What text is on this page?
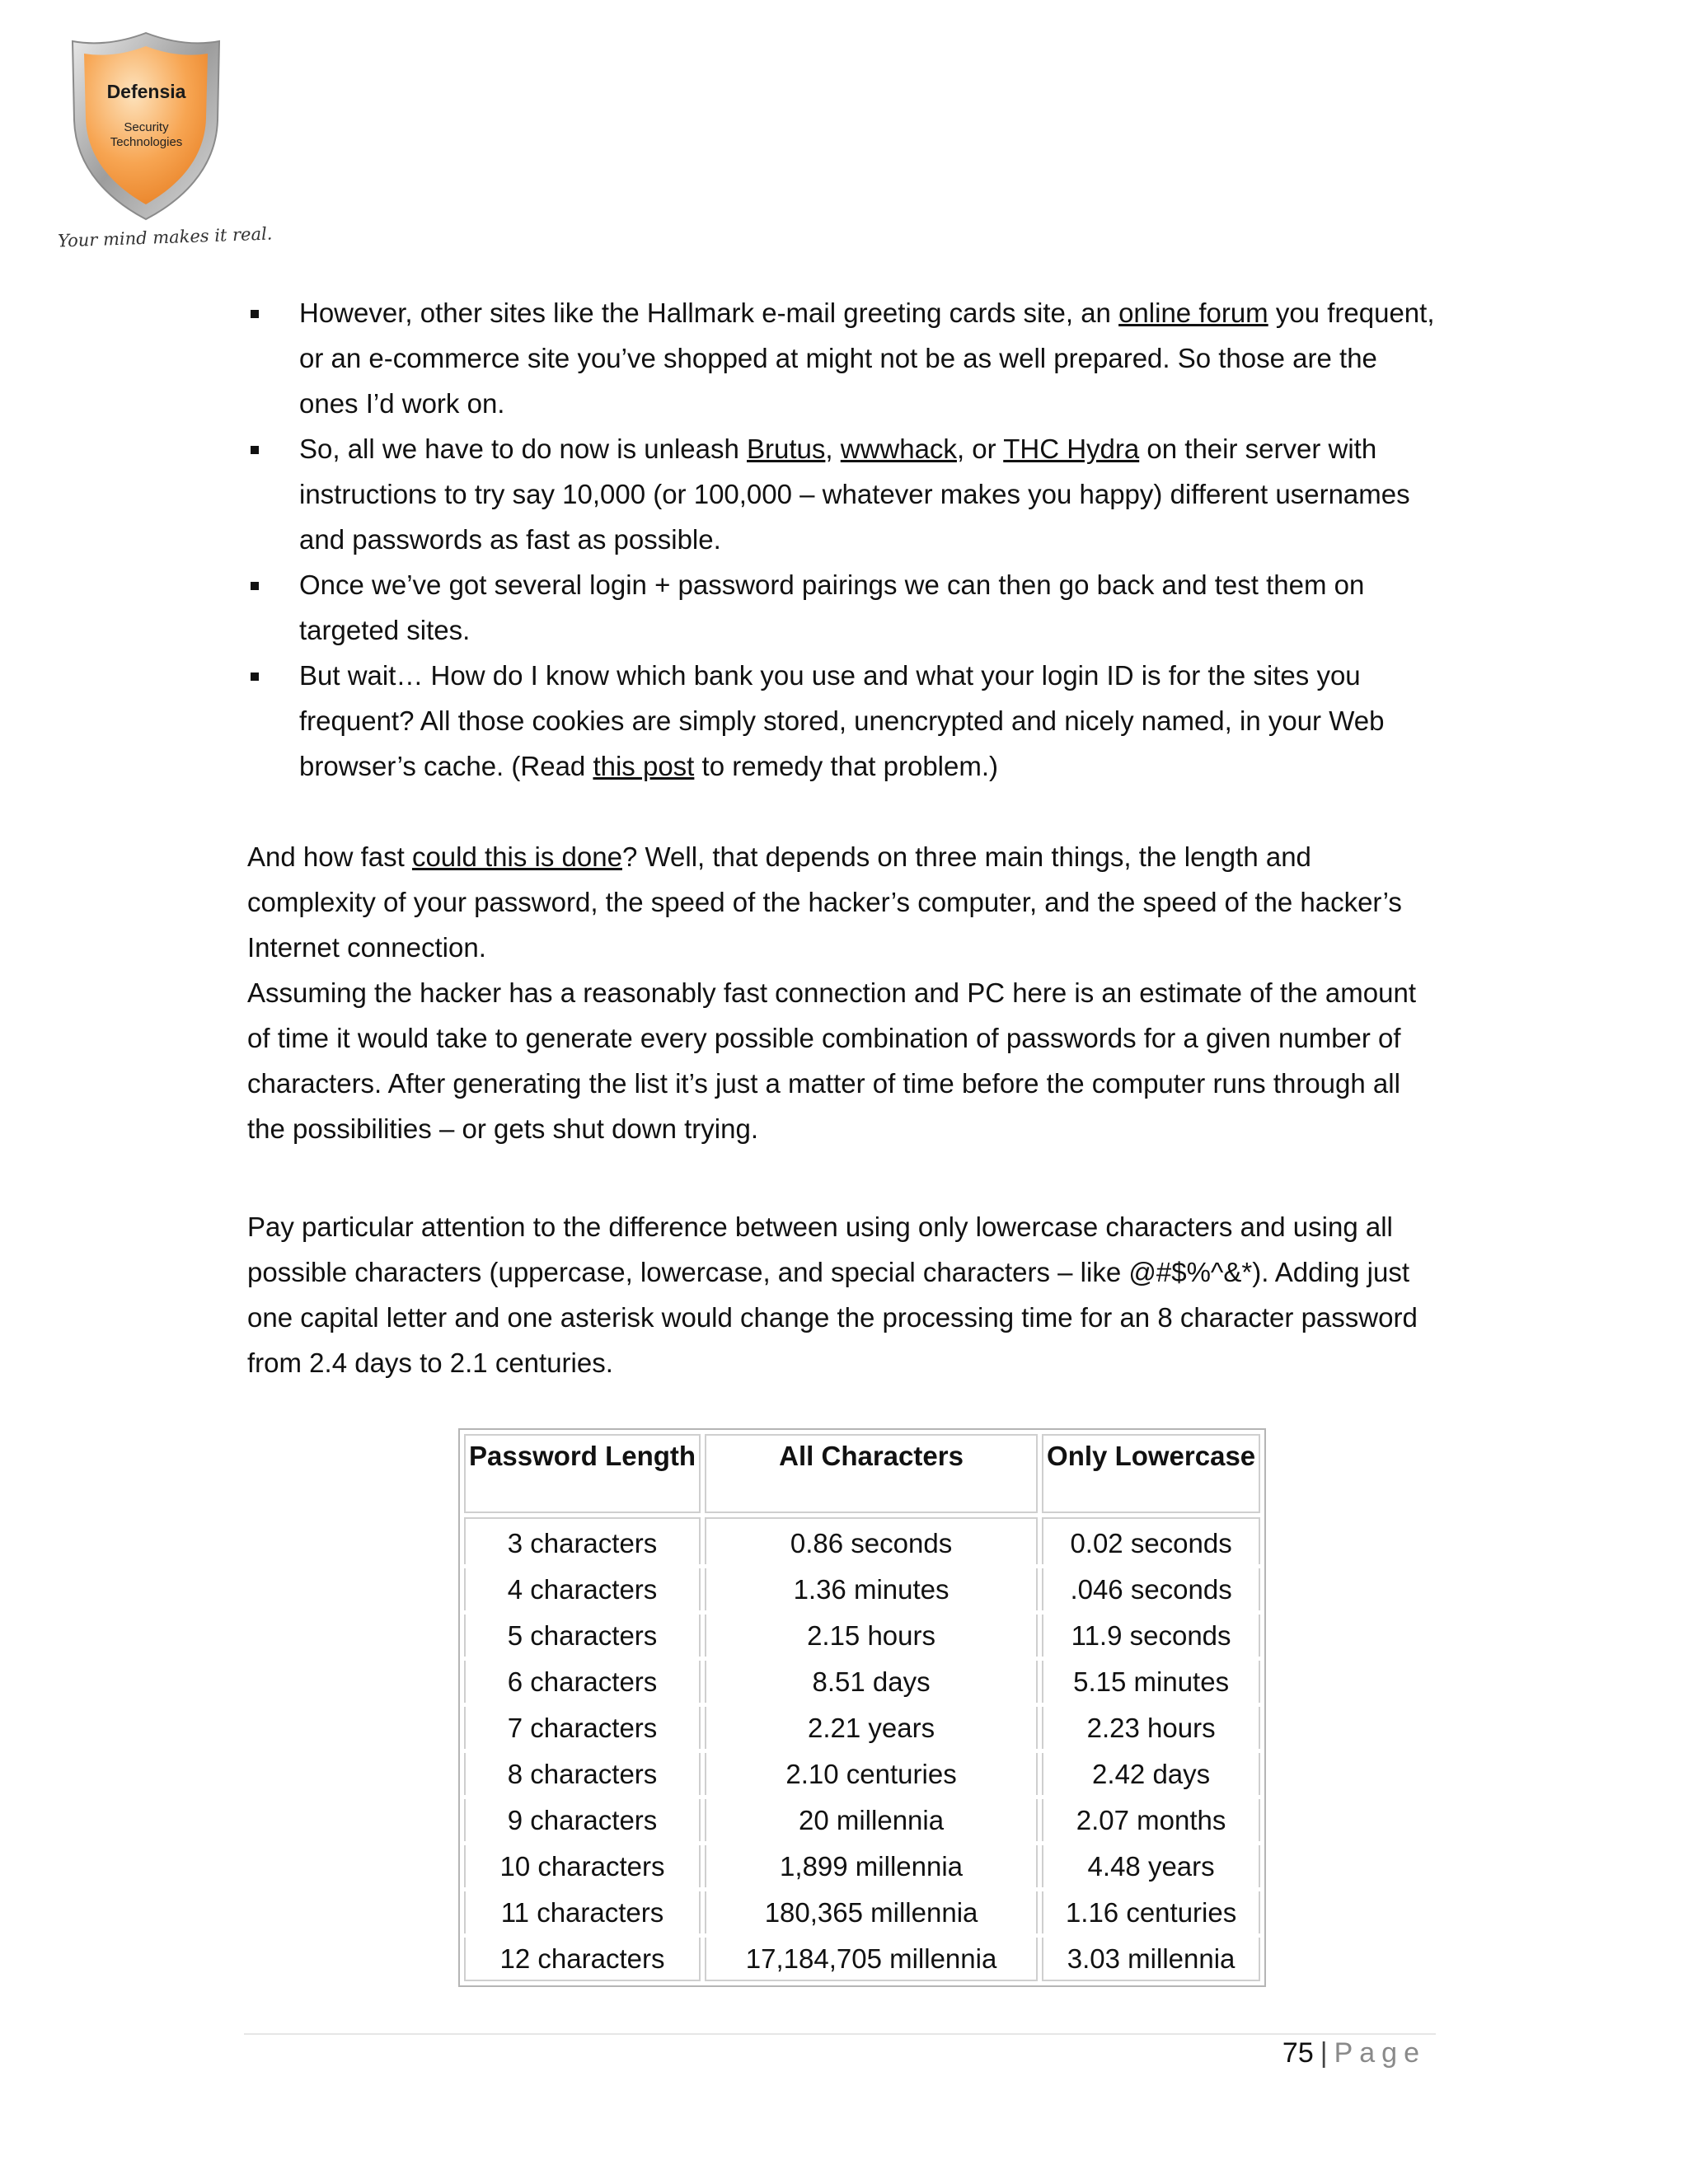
Defensia
Security
Technologies
Your mind makes it real.
However, other sites like the Hallmark e-mail greeting cards site, an online forum you frequent, or an e-commerce site you’ve shopped at might not be as well prepared. So those are the ones I’d work on.
So, all we have to do now is unleash Brutus, wwwhack, or THC Hydra on their server with instructions to try say 10,000 (or 100,000 – whatever makes you happy) different usernames and passwords as fast as possible.
Once we’ve got several login + password pairings we can then go back and test them on targeted sites.
But wait… How do I know which bank you use and what your login ID is for the sites you frequent? All those cookies are simply stored, unencrypted and nicely named, in your Web browser’s cache. (Read this post to remedy that problem.)

And how fast could this is done? Well, that depends on three main things, the length and complexity of your password, the speed of the hacker’s computer, and the speed of the hacker’s Internet connection.

Assuming the hacker has a reasonably fast connection and PC here is an estimate of the amount of time it would take to generate every possible combination of passwords for a given number of characters. After generating the list it’s just a matter of time before the computer runs through all the possibilities – or gets shut down trying.

Pay particular attention to the difference between using only lowercase characters and using all possible characters (uppercase, lowercase, and special characters – like @#$%^&*). Adding just one capital letter and one asterisk would change the processing time for an 8 character password from 2.4 days to 2.1 centuries.

Password Length	All Characters	Only Lowercase
3 characters	0.86 seconds	0.02 seconds
4 characters	1.36 minutes	.046 seconds
5 characters	2.15 hours	11.9 seconds
6 characters	8.51 days	5.15 minutes
7 characters	2.21 years	2.23 hours
8 characters	2.10 centuries	2.42 days
9 characters	20 millennia	2.07 months
10 characters	1,899 millennia	4.48 years
11 characters	180,365 millennia	1.16 centuries
12 characters	17,184,705 millennia	3.03 millennia
75 | Page
